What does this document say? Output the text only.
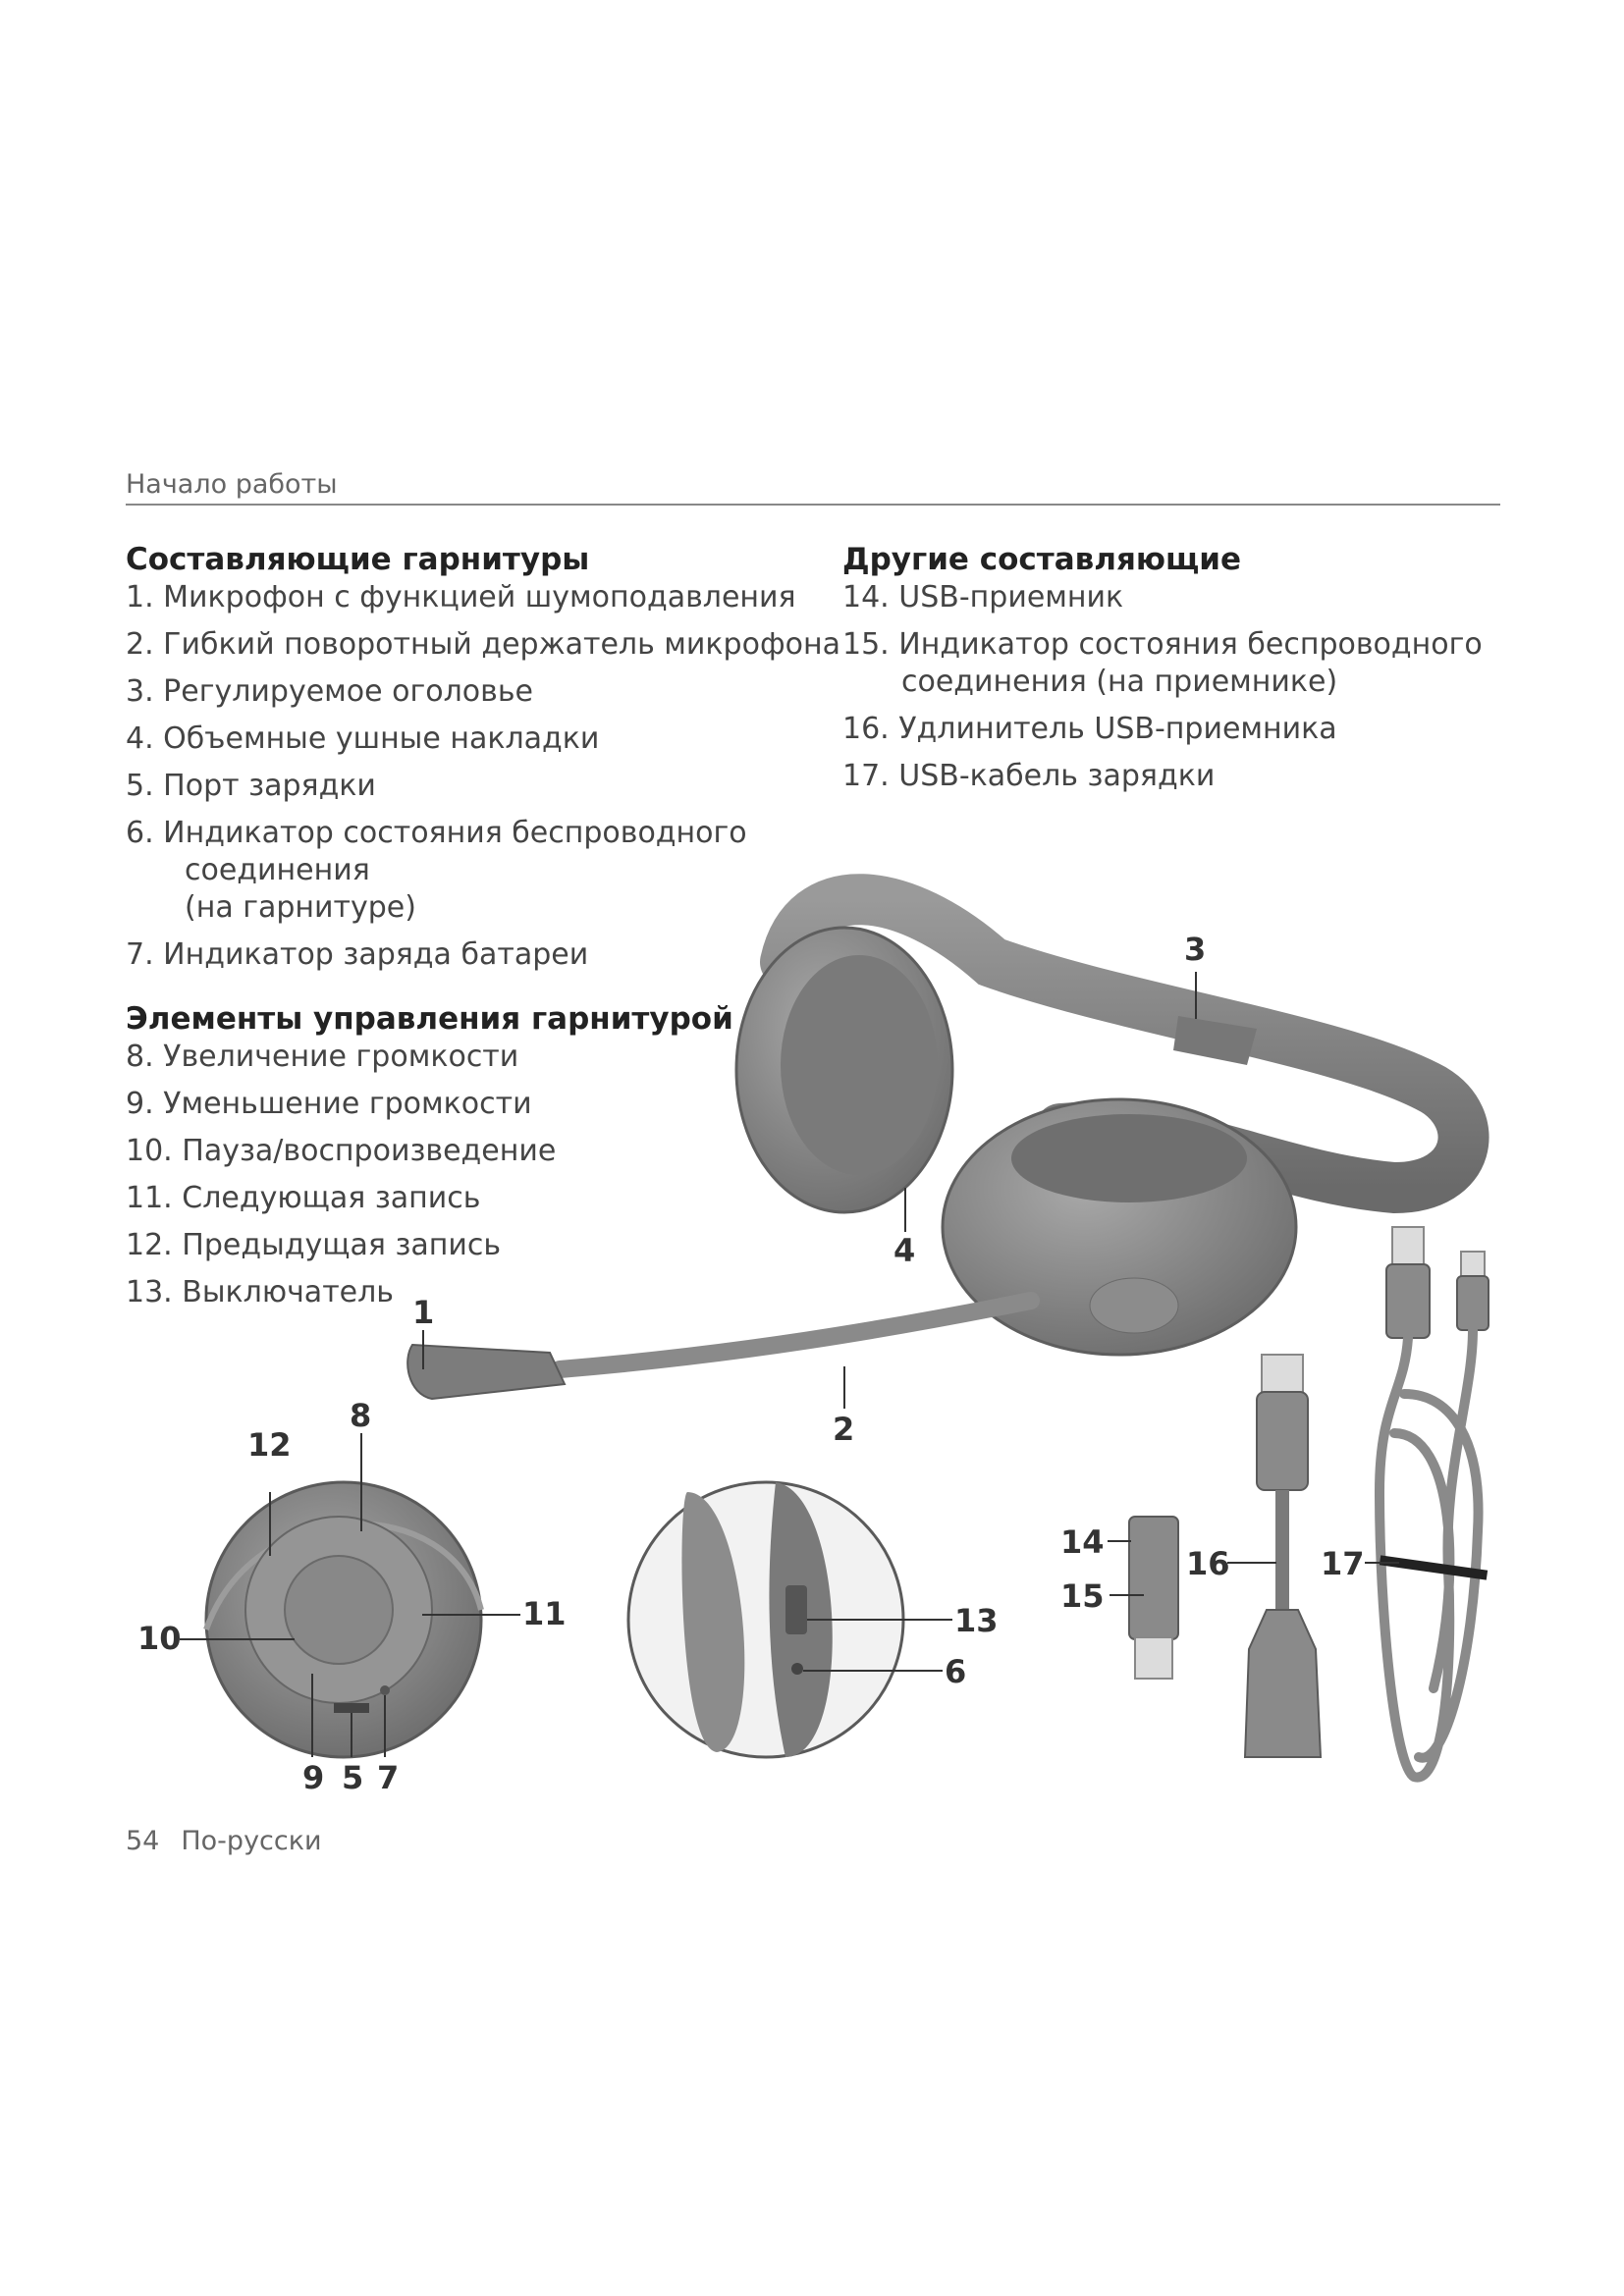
Начало работы
Составляющие гарнитуры
1. Микрофон с функцией шумоподавления
2. Гибкий поворотный держатель микрофона
3. Регулируемое оголовье
4. Объемные ушные накладки
5. Порт зарядки
6. Индикатор состояния беспроводного
соединения
(на гарнитуре)
7. Индикатор заряда батареи
Элементы управления гарнитурой
8. Увеличение громкости
9. Уменьшение громкости
10. Пауза/воспроизведение
11. Следующая запись
12. Предыдущая запись
13. Выключатель
Другие составляющие
14. USB-приемник
15. Индикатор состояния беспроводного
соединения (на приемнике)
16. Удлинитель USB-приемника
17. USB-кабель зарядки
3
4
1
2
8
12
10
11
9 5 7
13
6
14
15
16	17
54 По-русски
